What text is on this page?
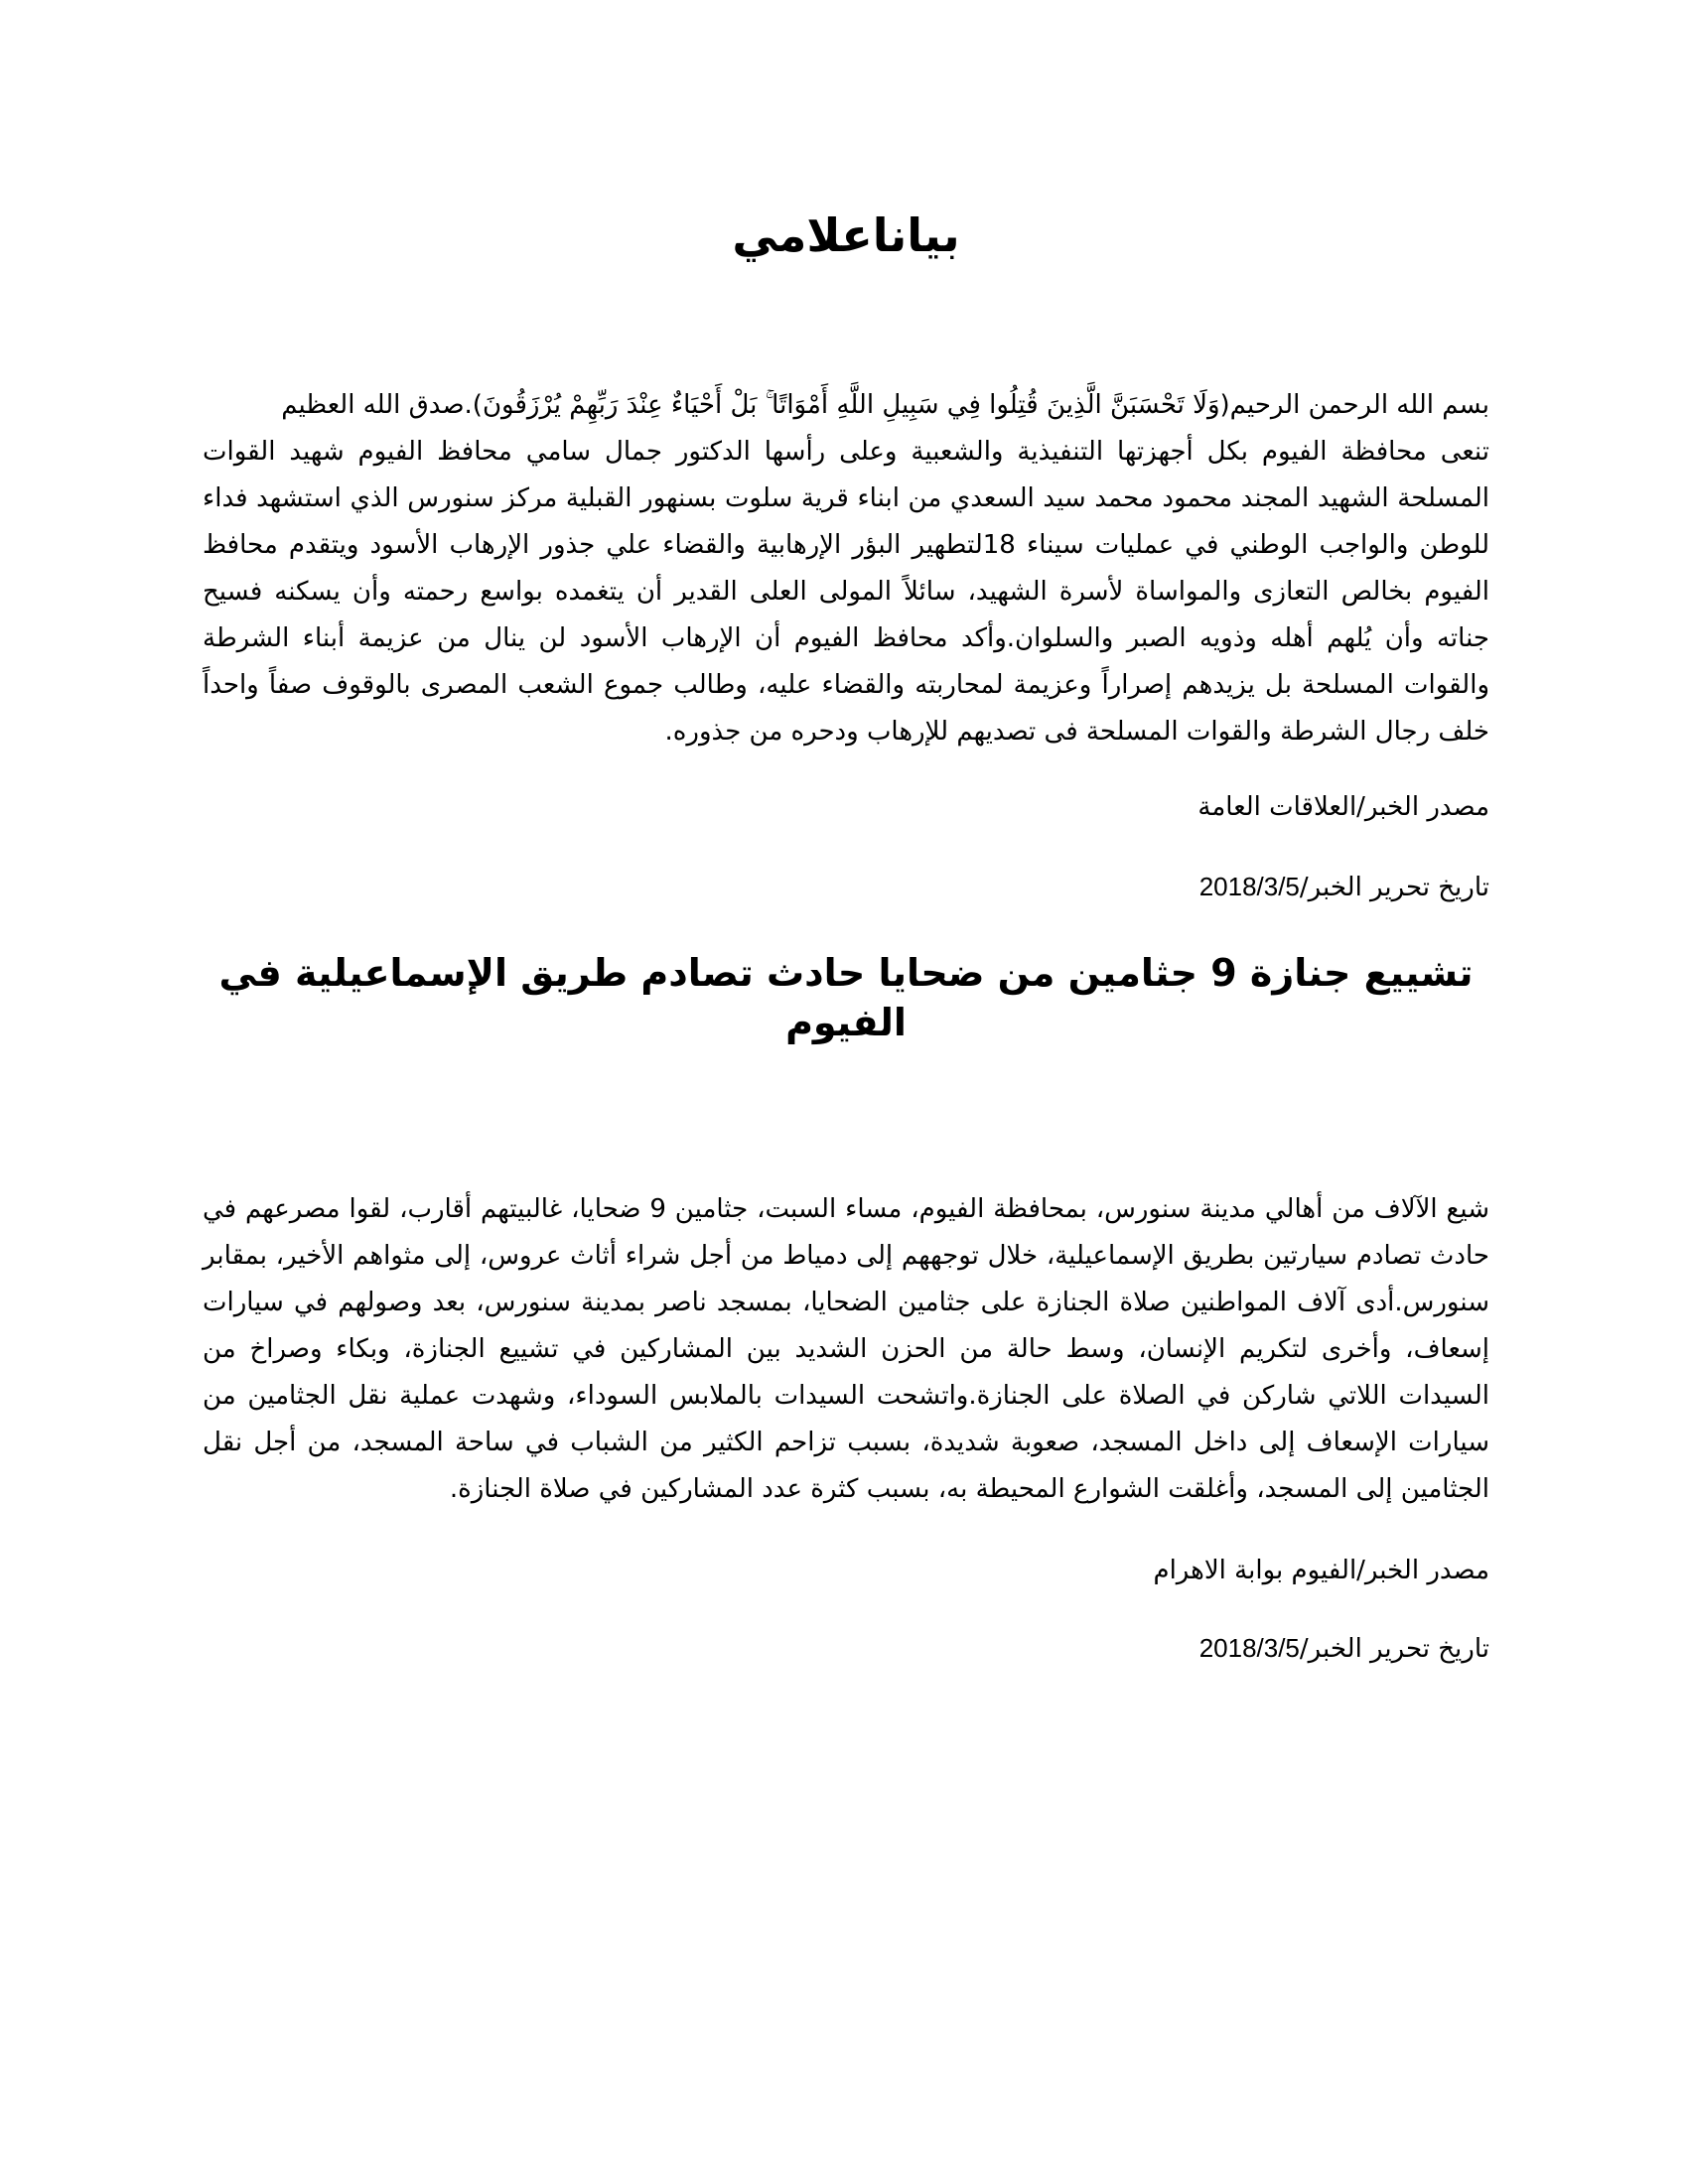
بياناعلامي

بسم الله الرحمن الرحيم(وَلَا تَحْسَبَنَّ الَّذِينَ قُتِلُوا فِي سَبِيلِ اللَّهِ أَمْوَاتًا ۚ بَلْ أَحْيَاءٌ عِنْدَ رَبِّهِمْ يُرْزَقُونَ).صدق الله العظيم

تنعى محافظة الفيوم بكل أجهزتها التنفيذية والشعبية وعلى رأسها الدكتور جمال سامي محافظ الفيوم شهيد القوات المسلحة الشهيد المجند محمود محمد سيد السعدي من ابناء قرية سلوت بسنهور القبلية مركز سنورس الذي استشهد فداء للوطن والواجب الوطني في عمليات سيناء 18لتطهير البؤر الإرهابية والقضاء علي جذور الإرهاب الأسود ويتقدم محافظ الفيوم بخالص التعازى والمواساة لأسرة الشهيد، سائلاً المولى العلى القدير أن يتغمده بواسع رحمته وأن يسكنه فسيح جناته وأن يُلهم أهله وذويه الصبر والسلوان.وأكد محافظ الفيوم أن الإرهاب الأسود لن ينال من عزيمة أبناء الشرطة والقوات المسلحة بل يزيدهم إصراراً وعزيمة لمحاربته والقضاء عليه، وطالب جموع الشعب المصرى بالوقوف صفاً واحداً خلف رجال الشرطة والقوات المسلحة فى تصديهم للإرهاب ودحره من جذوره.

مصدر الخبر/العلاقات العامة

تاريخ تحرير الخبر/2018/3/5

تشييع جنازة 9 جثامين من ضحايا حادث تصادم طريق الإسماعيلية في الفيوم

شيع الآلاف من أهالي مدينة سنورس، بمحافظة الفيوم، مساء السبت، جثامين 9 ضحايا، غالبيتهم أقارب، لقوا مصرعهم في حادث تصادم سيارتين بطريق الإسماعيلية، خلال توجههم إلى دمياط من أجل شراء أثاث عروس، إلى مثواهم الأخير، بمقابر سنورس.أدى آلاف المواطنين صلاة الجنازة على جثامين الضحايا، بمسجد ناصر بمدينة سنورس، بعد وصولهم في سيارات إسعاف، وأخرى لتكريم الإنسان، وسط حالة من الحزن الشديد بين المشاركين في تشييع الجنازة، وبكاء وصراخ من السيدات اللاتي شاركن في الصلاة على الجنازة.واتشحت السيدات بالملابس السوداء، وشهدت عملية نقل الجثامين من سيارات الإسعاف إلى داخل المسجد، صعوبة شديدة، بسبب تزاحم الكثير من الشباب في ساحة المسجد، من أجل نقل الجثامين إلى المسجد، وأغلقت الشوارع المحيطة به، بسبب كثرة عدد المشاركين في صلاة الجنازة.

مصدر الخبر/الفيوم بوابة الاهرام

تاريخ تحرير الخبر/2018/3/5
